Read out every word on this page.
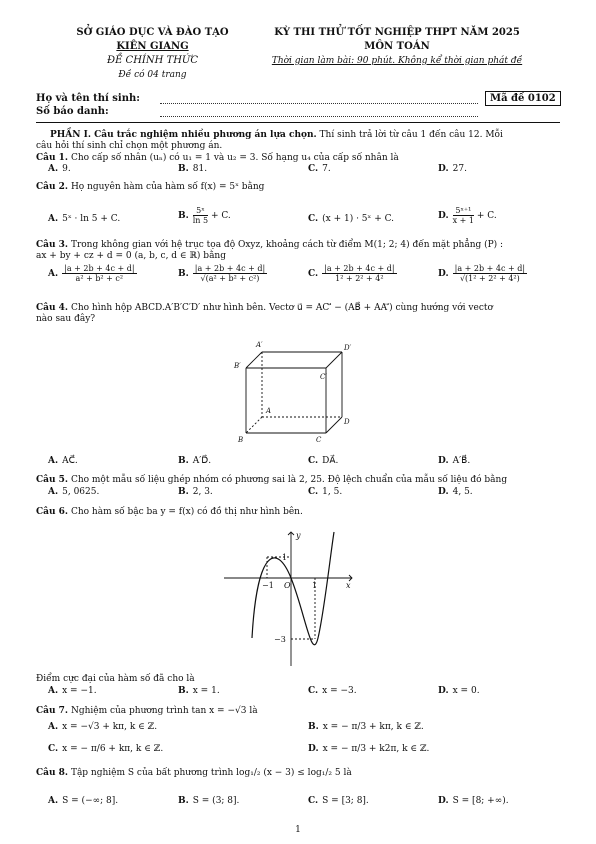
SỞ GIÁO DỤC VÀ ĐÀO TẠO
KIÊN GIANG
ĐỀ CHÍNH THỨC
Đề có 04 trang
KỲ THI THỬ TỐT NGHIỆP THPT NĂM 2025
MÔN TOÁN
Thời gian làm bài: 90 phút. Không kể thời gian phát đề
Họ và tên thí sinh:
Số báo danh:
Mã đề 0102
PHẦN I. Câu trắc nghiệm nhiều phương án lựa chọn. Thí sinh trả lời từ câu 1 đến câu 12. Mỗi
câu hỏi thí sinh chỉ chọn một phương án.
Câu 1. Cho cấp số nhân (uₙ) có u₁ = 1 và u₂ = 3. Số hạng u₄ của cấp số nhân là
A. 9.	B. 81.	C. 7.	D. 27.
Câu 2. Họ nguyên hàm của hàm số f(x) = 5ˣ bằng
A. 5ˣ · ln 5 + C.	B. $\frac{\text{5ˣ}}{\ln 5} + C$.	C. (x + 1) · 5ˣ + C.	D. $\frac{\text{5ˣ⁺¹}}{x + 1} + C$.
Câu 3. Trong không gian với hệ trục tọa độ Oxyz, khoảng cách từ điểm M(1; 2; 4) đến mặt phẳng (P) :
ax + by + cz + d = 0 (a, b, c, d ∈ ℝ) bằng
A. $\frac{|a + 2b + 4c + d|}{\text{a² + b² + c²}}$	B. $\frac{|a + 2b + 4c + d|}{\text{√(a² + b² + c²)}}$	C. $\frac{|a + 2b + 4c + d|}{\text{1² + 2² + 4²}}$	D. $\frac{|a + 2b + 4c + d|}{\text{√(1² + 2² + 4²)}}$
Câu 4. Cho hình hộp ABCD.A′B′C′D′ như hình bên. Vectơ u⃗ = AC′⃗ − (AB⃗ + AA′⃗) cùng hướng với vectơ
nào sau đây?
A′
B′
C′
D′
A
B	C
D
A. AC⃗.	B. A′D⃗.	C. DA⃗.	D. A′B⃗.
Câu 5. Cho một mẫu số liệu ghép nhóm có phương sai là 2, 25. Độ lệch chuẩn của mẫu số liệu đó bằng
A. 5, 0625.	B. 2, 3.	C. 1, 5.	D. 4, 5.
Câu 6. Cho hàm số bậc ba y = f(x) có đồ thị như hình bên.
y
x
O
−1
1
1
−3
Điểm cực đại của hàm số đã cho là
A. x = −1.	B. x = 1.	C. x = −3.	D. x = 0.
Câu 7. Nghiệm của phương trình tan x = −√3 là
A. x = −√3 + kπ, k ∈ ℤ.	B. x = − π/3 + kπ, k ∈ ℤ.
C. x = − π/6 + kπ, k ∈ ℤ.	D. x = − π/3 + k2π, k ∈ ℤ.
Câu 8. Tập nghiệm S của bất phương trình log₁/₂ (x − 3) ≤ log₁/₂ 5 là
A. S = (−∞; 8].	B. S = (3; 8].	C. S = [3; 8].	D. S = [8; +∞).
1
